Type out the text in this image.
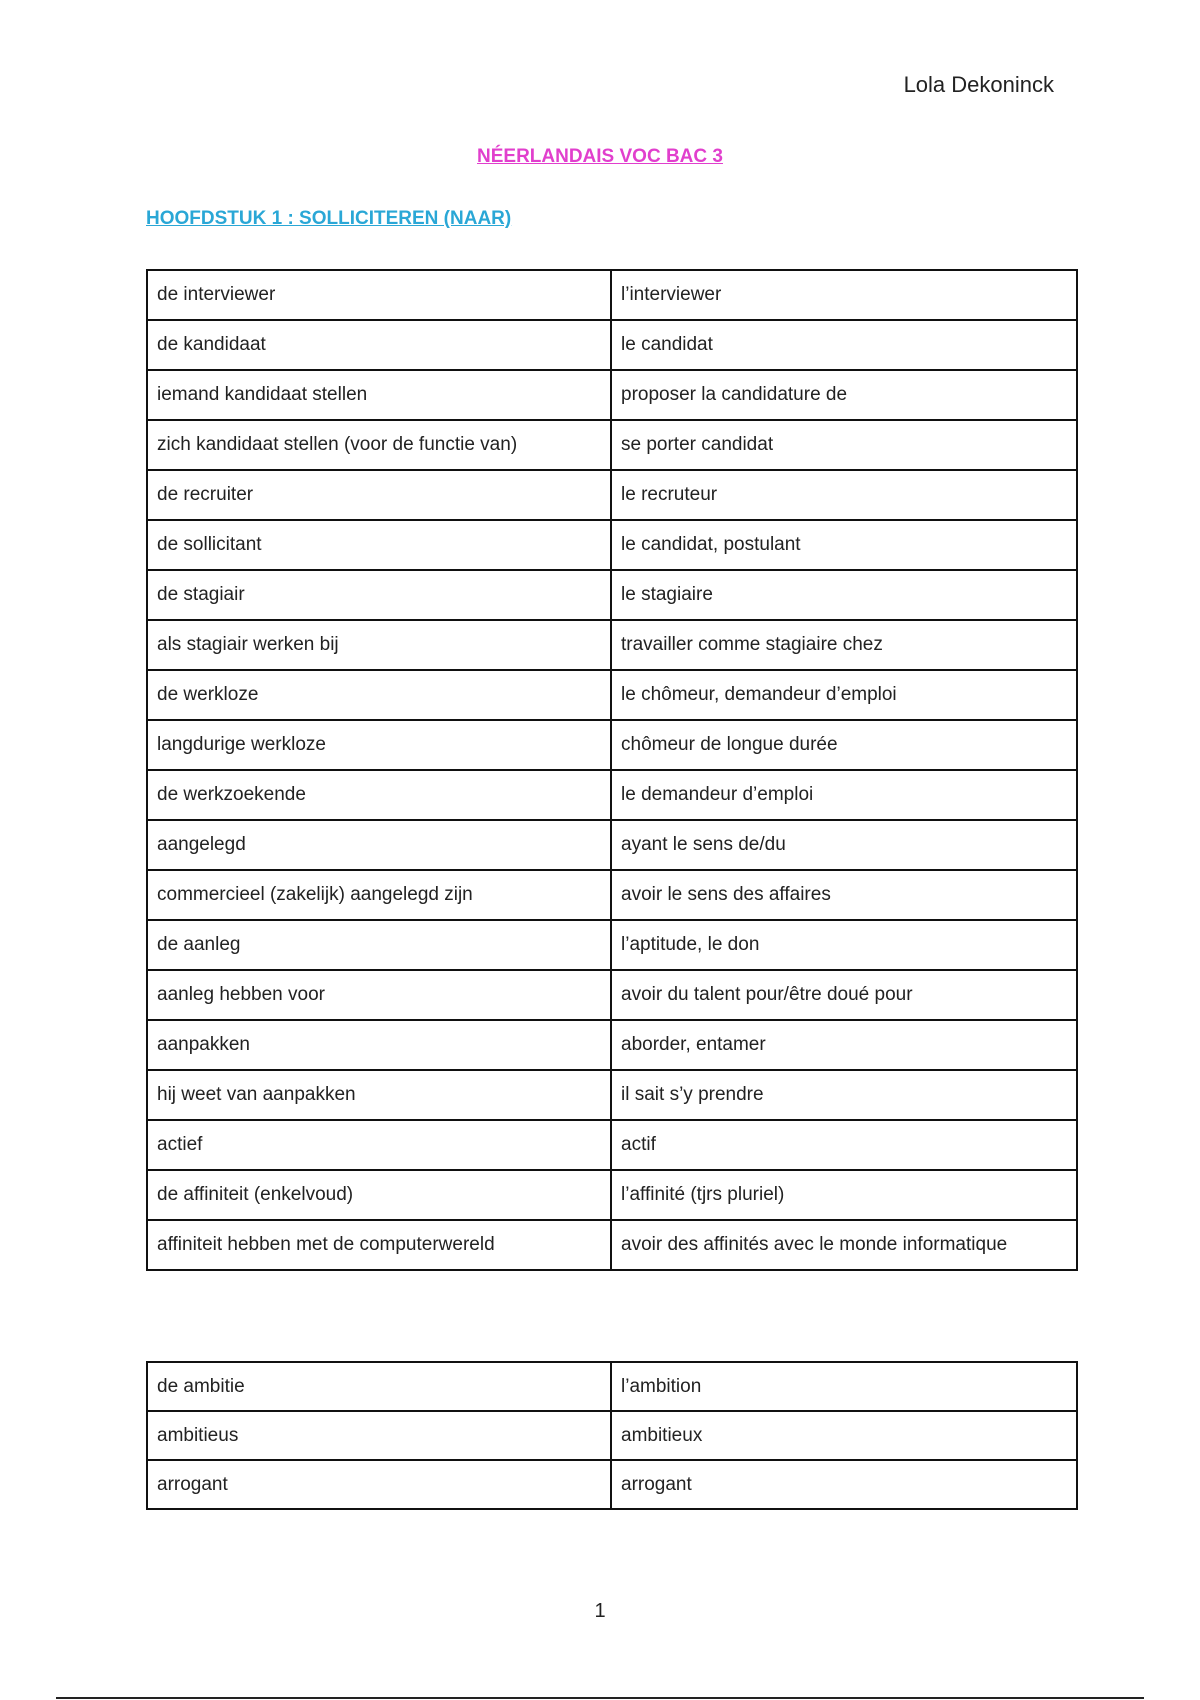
Lola Dekoninck
NÉERLANDAIS VOC BAC 3
HOOFDSTUK 1 : SOLLICITEREN (NAAR)
de interviewer	l’interviewer
de kandidaat	le candidat
iemand kandidaat stellen	proposer la candidature de
zich kandidaat stellen (voor de functie van)	se porter candidat
de recruiter	le recruteur
de sollicitant	le candidat, postulant
de stagiair	le stagiaire
als stagiair werken bij	travailler comme stagiaire chez
de werkloze	le chômeur, demandeur d’emploi
langdurige werkloze	chômeur de longue durée
de werkzoekende	le demandeur d’emploi
aangelegd	ayant le sens de/du
commercieel (zakelijk) aangelegd zijn	avoir le sens des affaires
de aanleg	l’aptitude, le don
aanleg hebben voor	avoir du talent pour/être doué pour
aanpakken	aborder, entamer
hij weet van aanpakken	il sait s’y prendre
actief	actif
de affiniteit (enkelvoud)	l’affinité (tjrs pluriel)
affiniteit hebben met de computerwereld	avoir des affinités avec le monde informatique
de ambitie	l’ambition
ambitieus	ambitieux
arrogant	arrogant
1
